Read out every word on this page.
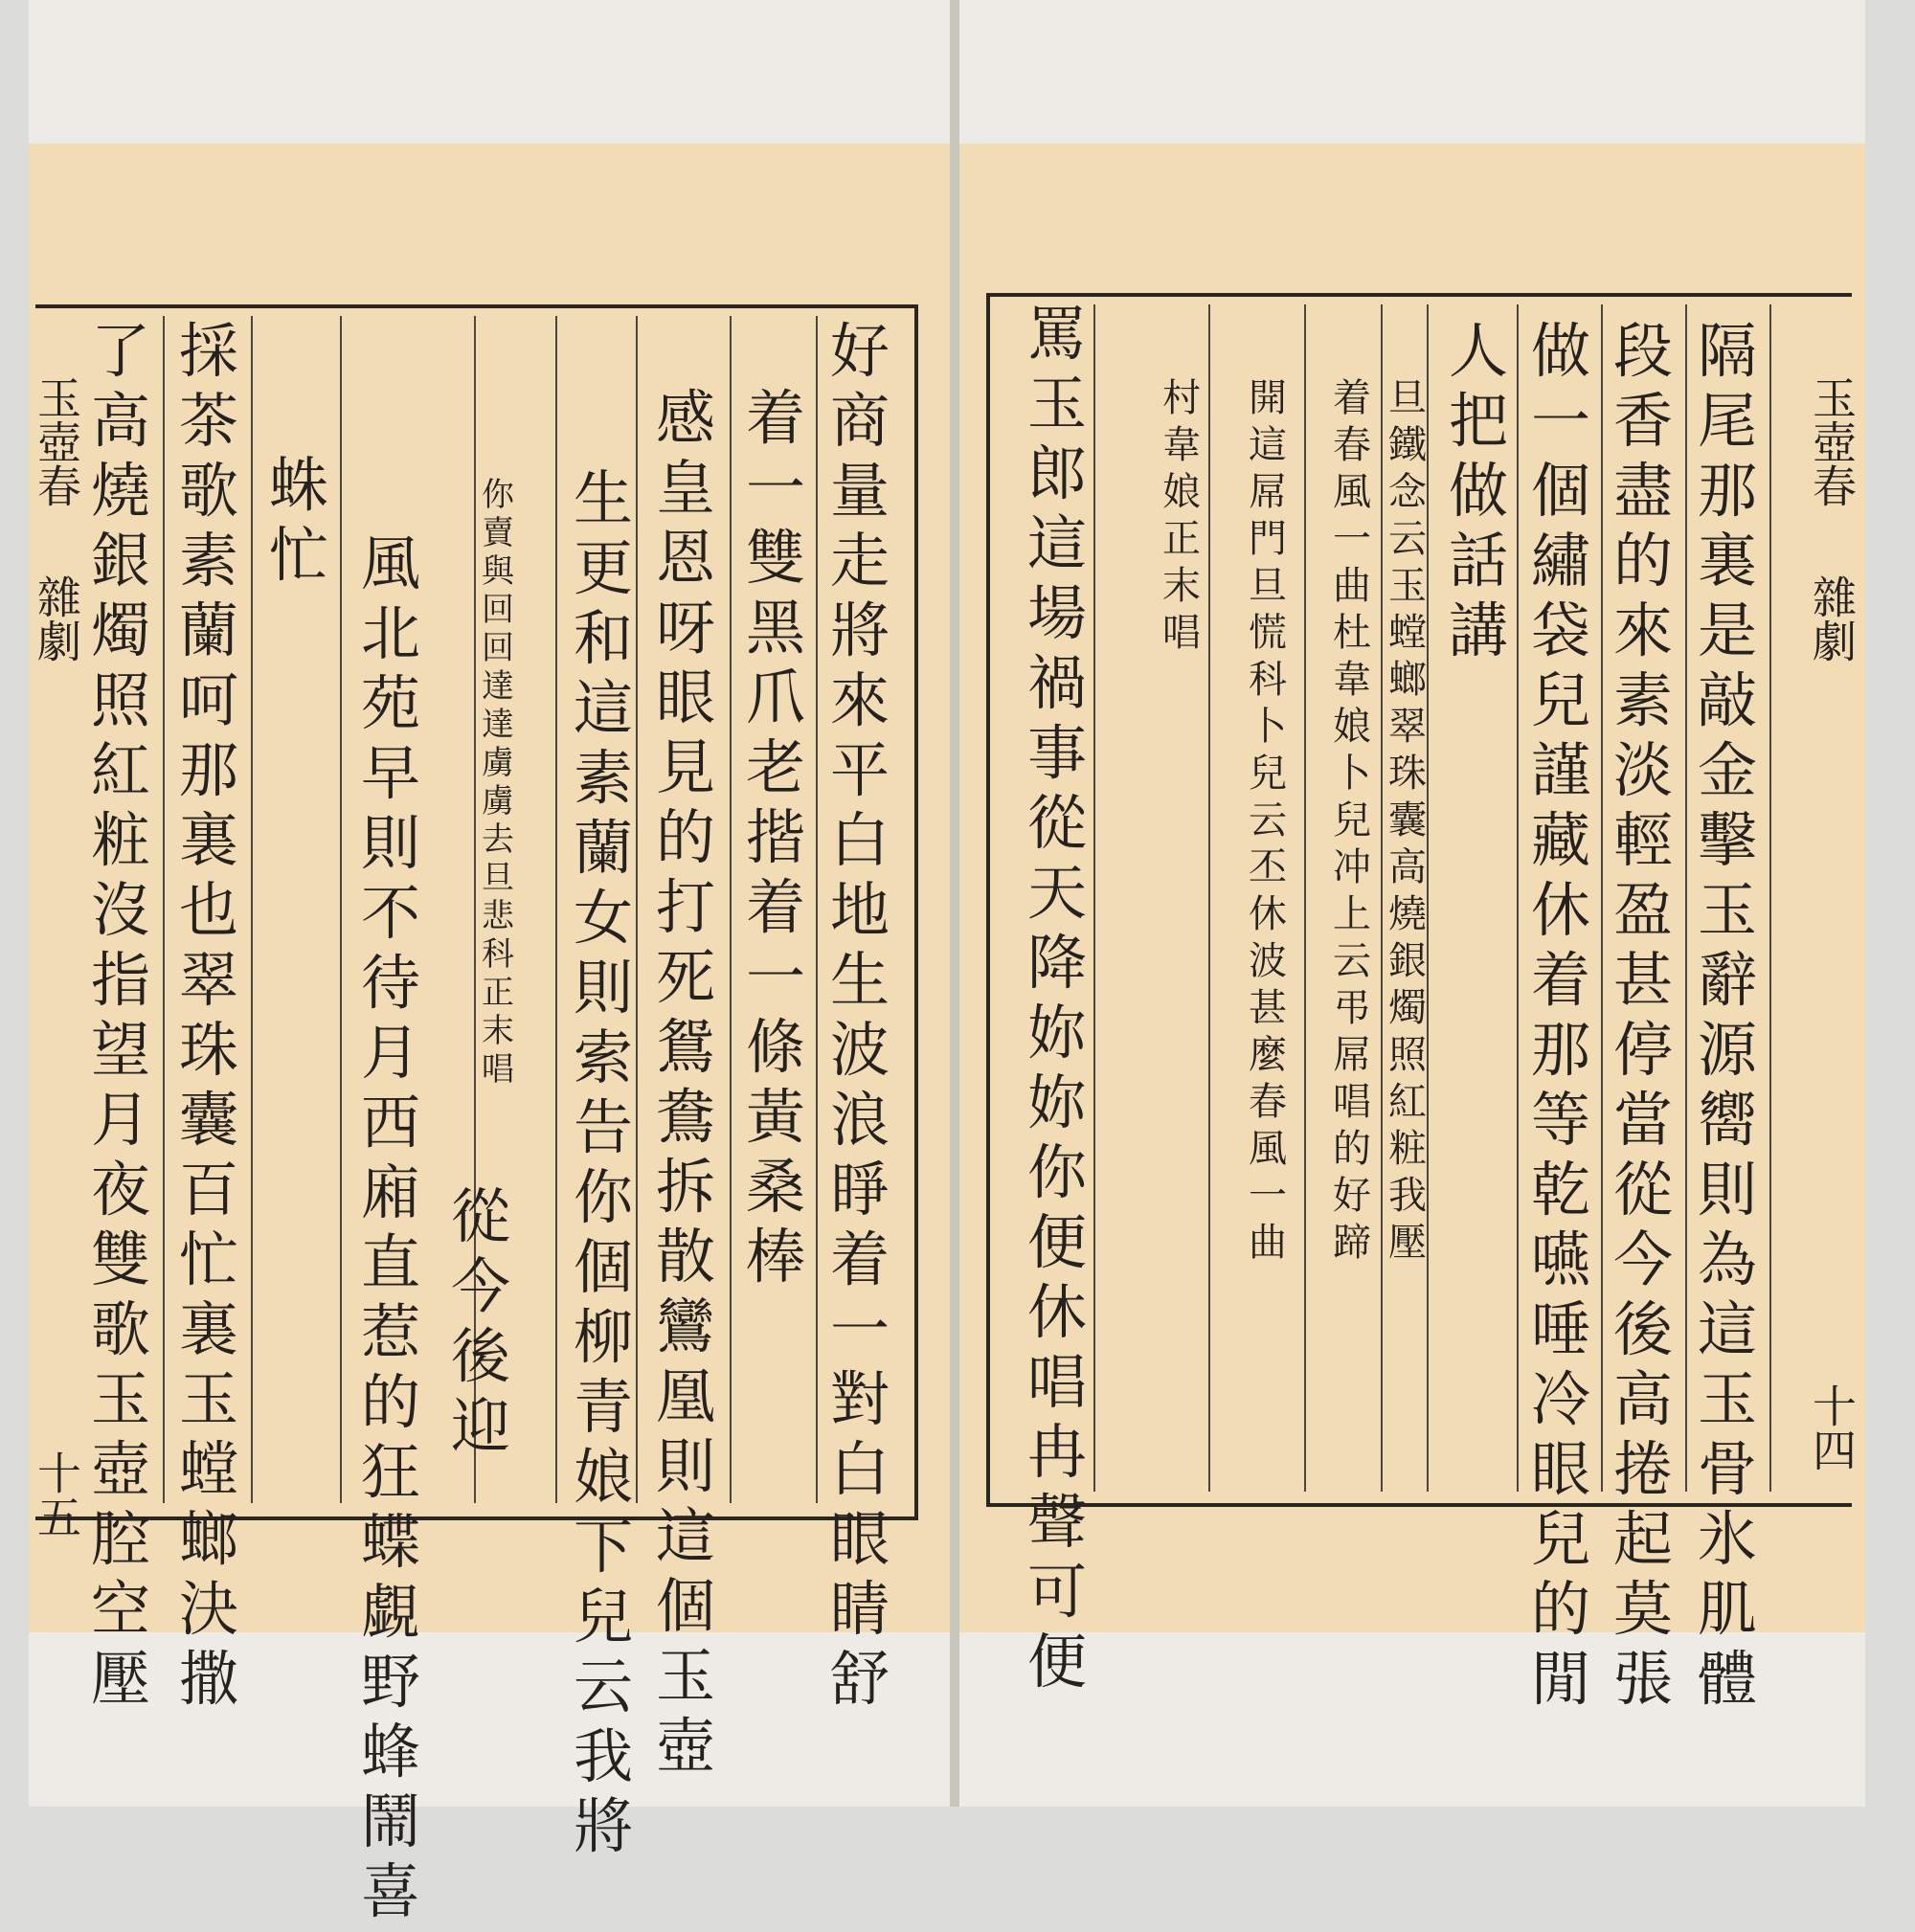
玉壺春
雜劇
十五
玉壺春
雜劇
十四
隔
尾
那
裏
是
敲
金
擊
玉
辭
源
嚮
則
為
這
玉
骨
氷
肌
體
段
香
盡
的
來
素
淡
輕
盈
甚
停
當
從
今
後
高
捲
起
莫
張
做
一
個
繡
袋
兒
謹
藏
休
着
那
等
乾
嚥
唾
冷
眼
兒
的
閒
人
把
做
話
講
旦
鐵
念
云
玉
螳
螂
翠
珠
囊
高
燒
銀
燭
照
紅
粧
我
壓
着
春
風
一
曲
杜
韋
娘
卜
兒
冲
上
云
弔
屌
唱
的
好
蹄
開
這
屌
門
旦
慌
科
卜
兒
云
丕
休
波
甚
麼
春
風
一
曲
村
韋
娘
正
末
唱
罵
玉
郎
這
場
禍
事
從
天
降
妳
妳
你
便
休
唱
冉
聲
可
便
好
商
量
走
將
來
平
白
地
生
波
浪
睜
着
一
對
白
眼
睛
舒
着
一
雙
黑
爪
老
揩
着
一
條
黃
桑
棒
感
皇
恩
呀
眼
見
的
打
死
鴛
鴦
拆
散
鸞
凰
則
這
個
玉
壺
生
更
和
這
素
蘭
女
則
索
告
你
個
柳
青
娘
下
兒
云
我
將
你
賣
與
回
回
達
達
虜
虜
去
旦
悲
科
正
末
唱
從
今
後
迎
風
北
苑
早
則
不
待
月
西
廂
直
惹
的
狂
蝶
覷
野
蜂
鬧
喜
蛛
忙
採
茶
歌
素
蘭
呵
那
裏
也
翠
珠
囊
百
忙
裏
玉
螳
螂
決
撒
了
高
燒
銀
燭
照
紅
粧
沒
指
望
月
夜
雙
歌
玉
壺
腔
空
壓
